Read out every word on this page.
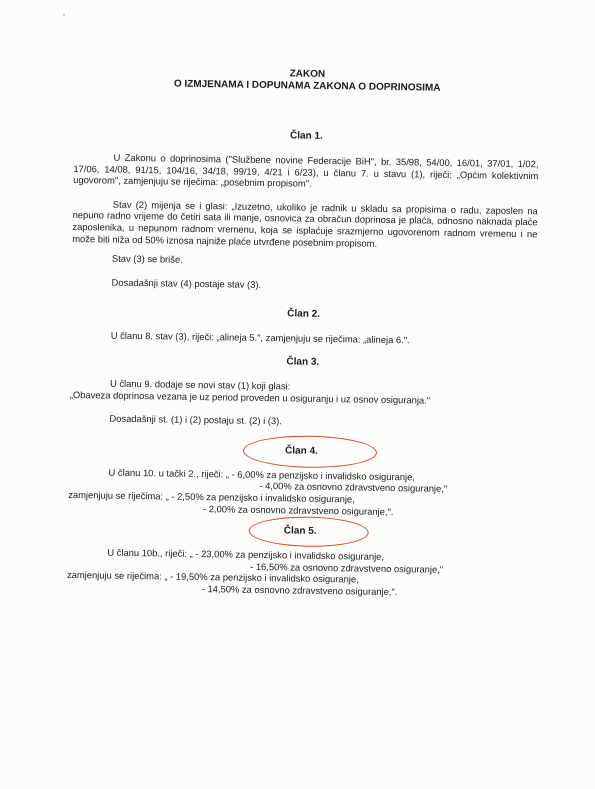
ZAKON
O IZMJENAMA I DOPUNAMA ZAKONA O DOPRINOSIMA
Član 1.
U Zakonu o doprinosima ("Službene novine Federacije BiH", br. 35/98, 54/00, 16/01, 37/01, 1/02, 17/06, 14/08, 91/15, 104/16, 34/18, 99/19, 4/21 i 6/23), u članu 7. u stavu (1), riječi: „Općim kolektivnim ugovorom", zamjenjuju se riječima: „posebnim propisom".
Stav (2) mijenja se i glasi: „Izuzetno, ukoliko je radnik u skladu sa propisima o radu, zaposlen na nepuno radno vrijeme do četiri sata ili manje, osnovica za obračun doprinosa je plaća, odnosno naknada plaće zaposlenika, u nepunom radnom vremenu, koja se isplaćuje srazmjerno ugovorenom radnom vremenu i ne može biti niža od 50% iznosa najniže plaće utvrđene posebnim propisom.
Stav (3) se briše.
Dosadašnji stav (4) postaje stav (3).
Član 2.
U članu 8. stav (3), riječi: „alineja 5.", zamjenjuju se riječima: „alineja 6.".
Član 3.
U članu 9. dodaje se novi stav (1) koji glasi:
„Obaveza doprinosa vezana je uz period proveden u osiguranju i uz osnov osiguranja."
Dosadašnji st. (1) i (2) postaju st. (2) i (3).
Član 4.
U članu 10. u tački 2., riječi: „ - 6,00% za penzijsko i invalidsko osiguranje,
- 4,00% za osnovno zdravstveno osiguranje,"
zamjenjuju se riječima: „ - 2,50% za penzijsko i invalidsko osiguranje,
- 2,00% za osnovno zdravstveno osiguranje,".
Član 5.
U članu 10b., riječi: „ - 23,00% za penzijsko i invalidsko osiguranje,
- 16,50% za osnovno zdravstveno osiguranje,"
zamjenjuju se riječima: „ - 19,50% za penzijsko i invalidsko osiguranje,
- 14,50% za osnovno zdravstveno osiguranje,".
